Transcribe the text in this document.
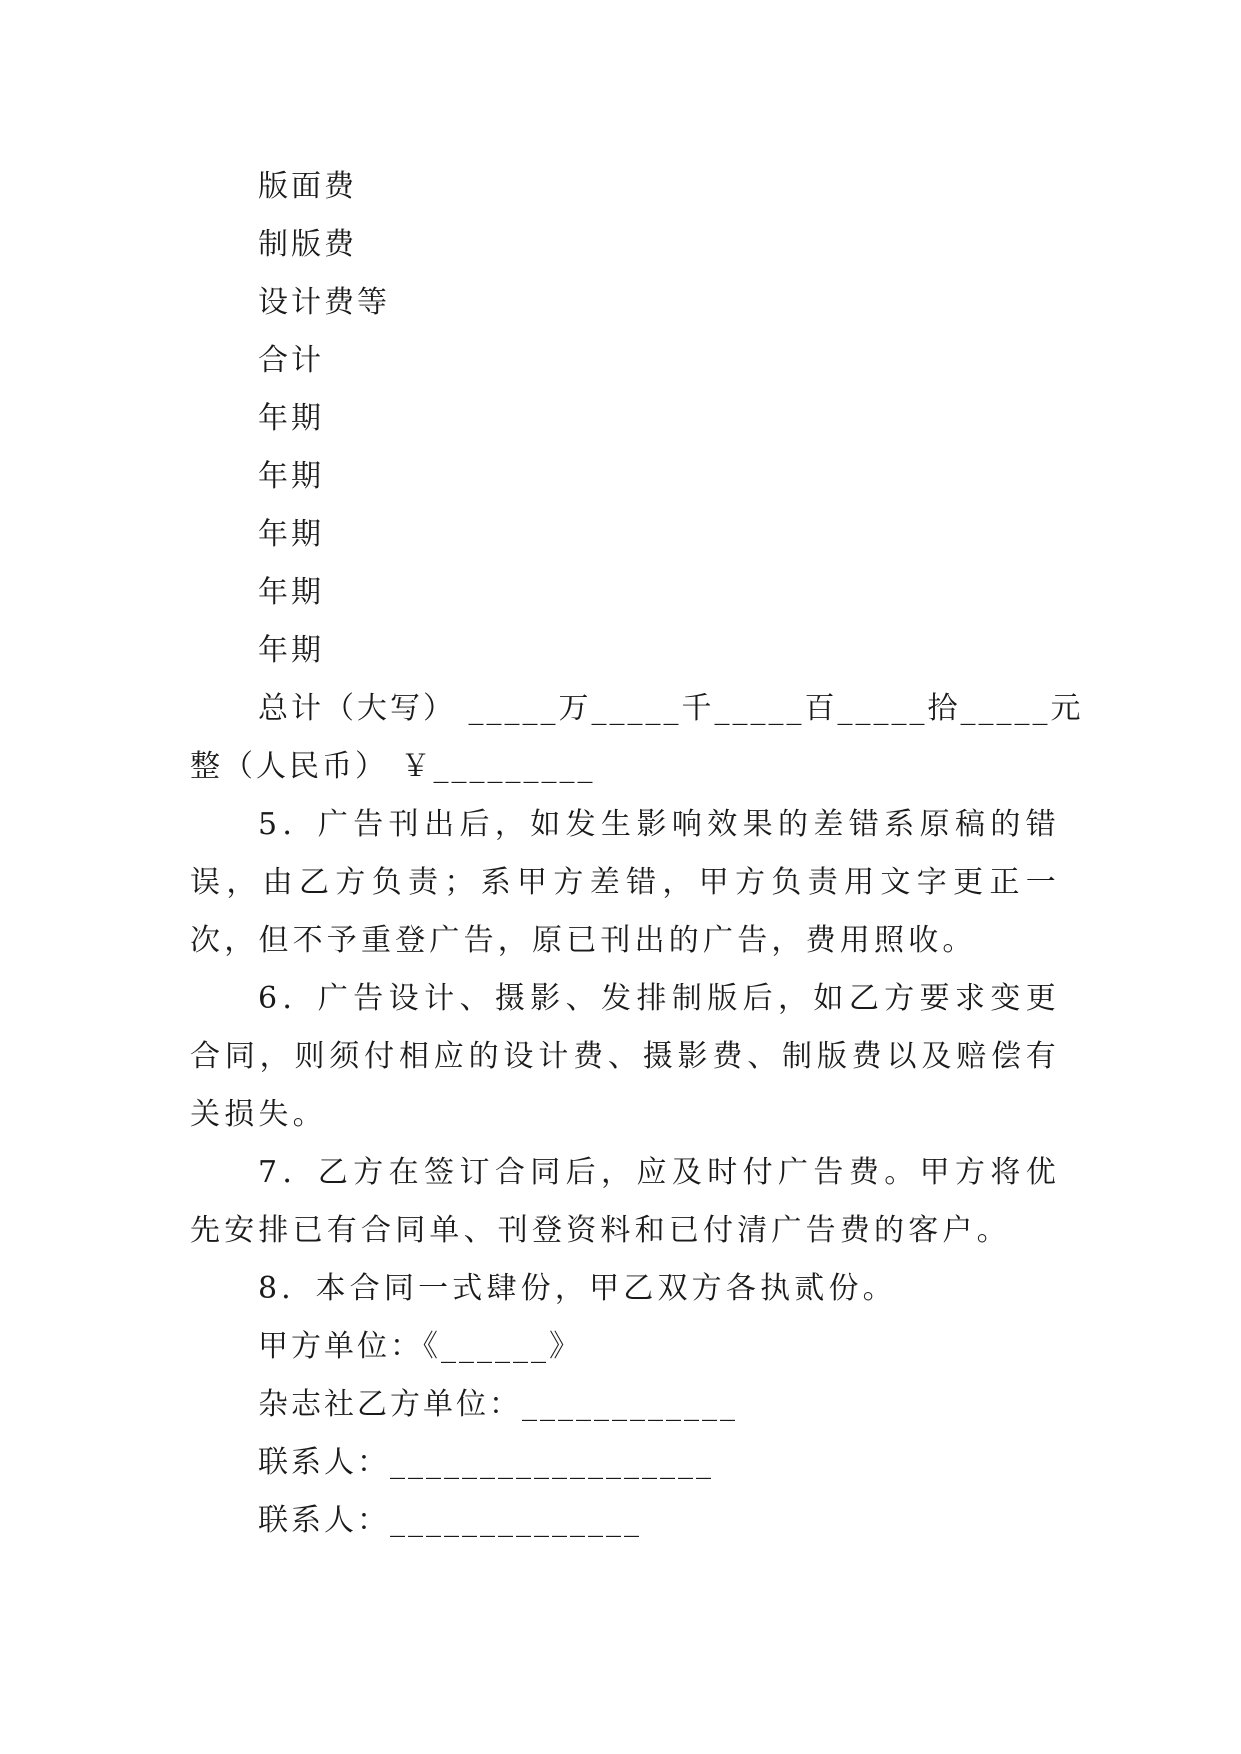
版面费
制版费
设计费等
合计
年期
年期
年期
年期
年期
总计（大写） _____万_____千_____百_____拾_____元
整（人民币） ￥_________

5．广告刊出后，如发生影响效果的差错系原稿的错误，由乙方负责；系甲方差错，甲方负责用文字更正一次，但不予重登广告，原已刊出的广告，费用照收。

6．广告设计、摄影、发排制版后，如乙方要求变更合同，则须付相应的设计费、摄影费、制版费以及赔偿有关损失。

7．乙方在签订合同后，应及时付广告费。甲方将优先安排已有合同单、刊登资料和已付清广告费的客户。

8．本合同一式肆份，甲乙双方各执贰份。

甲方单位：《______》
杂志社乙方单位：____________
联系人：__________________
联系人：______________
